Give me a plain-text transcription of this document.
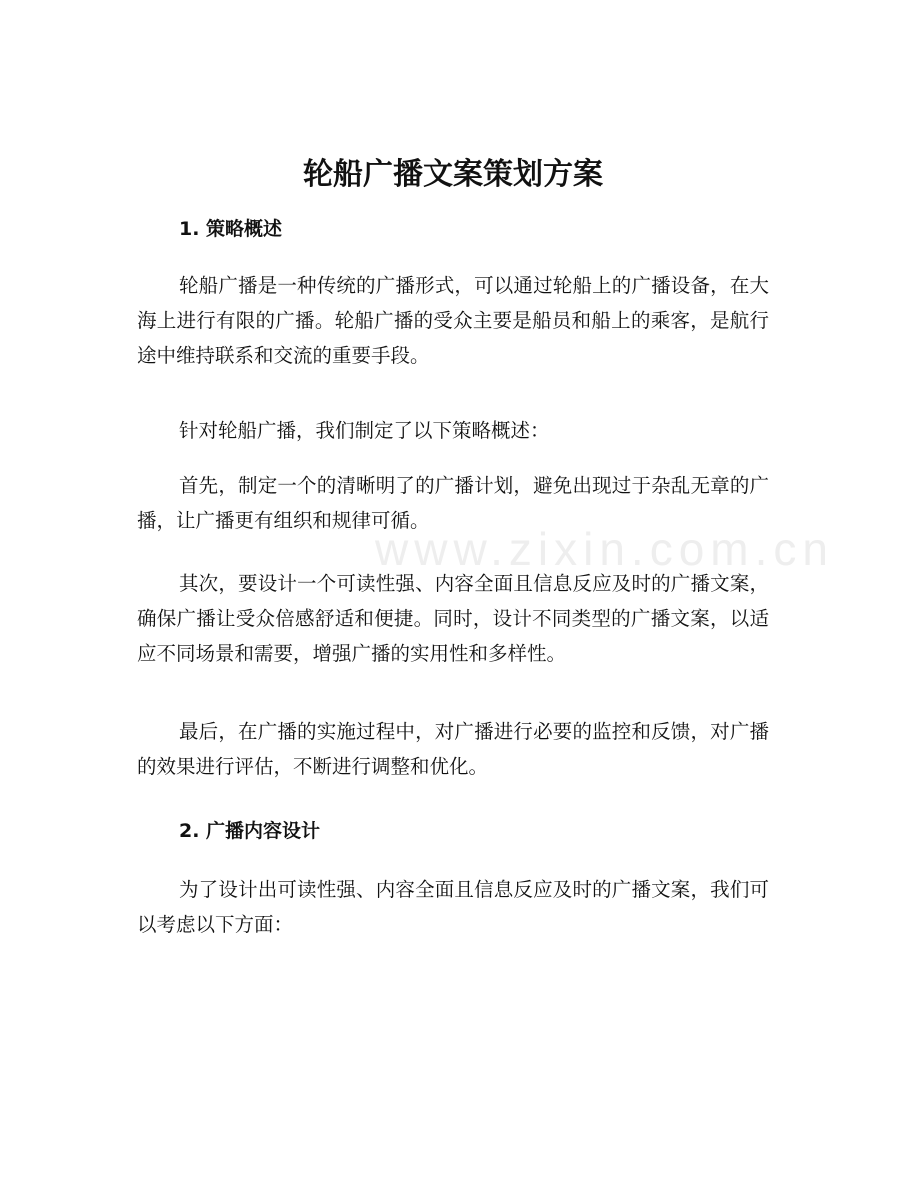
www.zixin.com.cn
轮船广播文案策划方案
1. 策略概述

轮船广播是一种传统的广播形式，可以通过轮船上的广播设备，在大海上进行有限的广播。轮船广播的受众主要是船员和船上的乘客，是航行途中维持联系和交流的重要手段。

针对轮船广播，我们制定了以下策略概述：

首先，制定一个的清晰明了的广播计划，避免出现过于杂乱无章的广播，让广播更有组织和规律可循。

其次，要设计一个可读性强、内容全面且信息反应及时的广播文案，确保广播让受众倍感舒适和便捷。同时，设计不同类型的广播文案，以适应不同场景和需要，增强广播的实用性和多样性。

最后，在广播的实施过程中，对广播进行必要的监控和反馈，对广播的效果进行评估，不断进行调整和优化。

2. 广播内容设计

为了设计出可读性强、内容全面且信息反应及时的广播文案，我们可以考虑以下方面：
